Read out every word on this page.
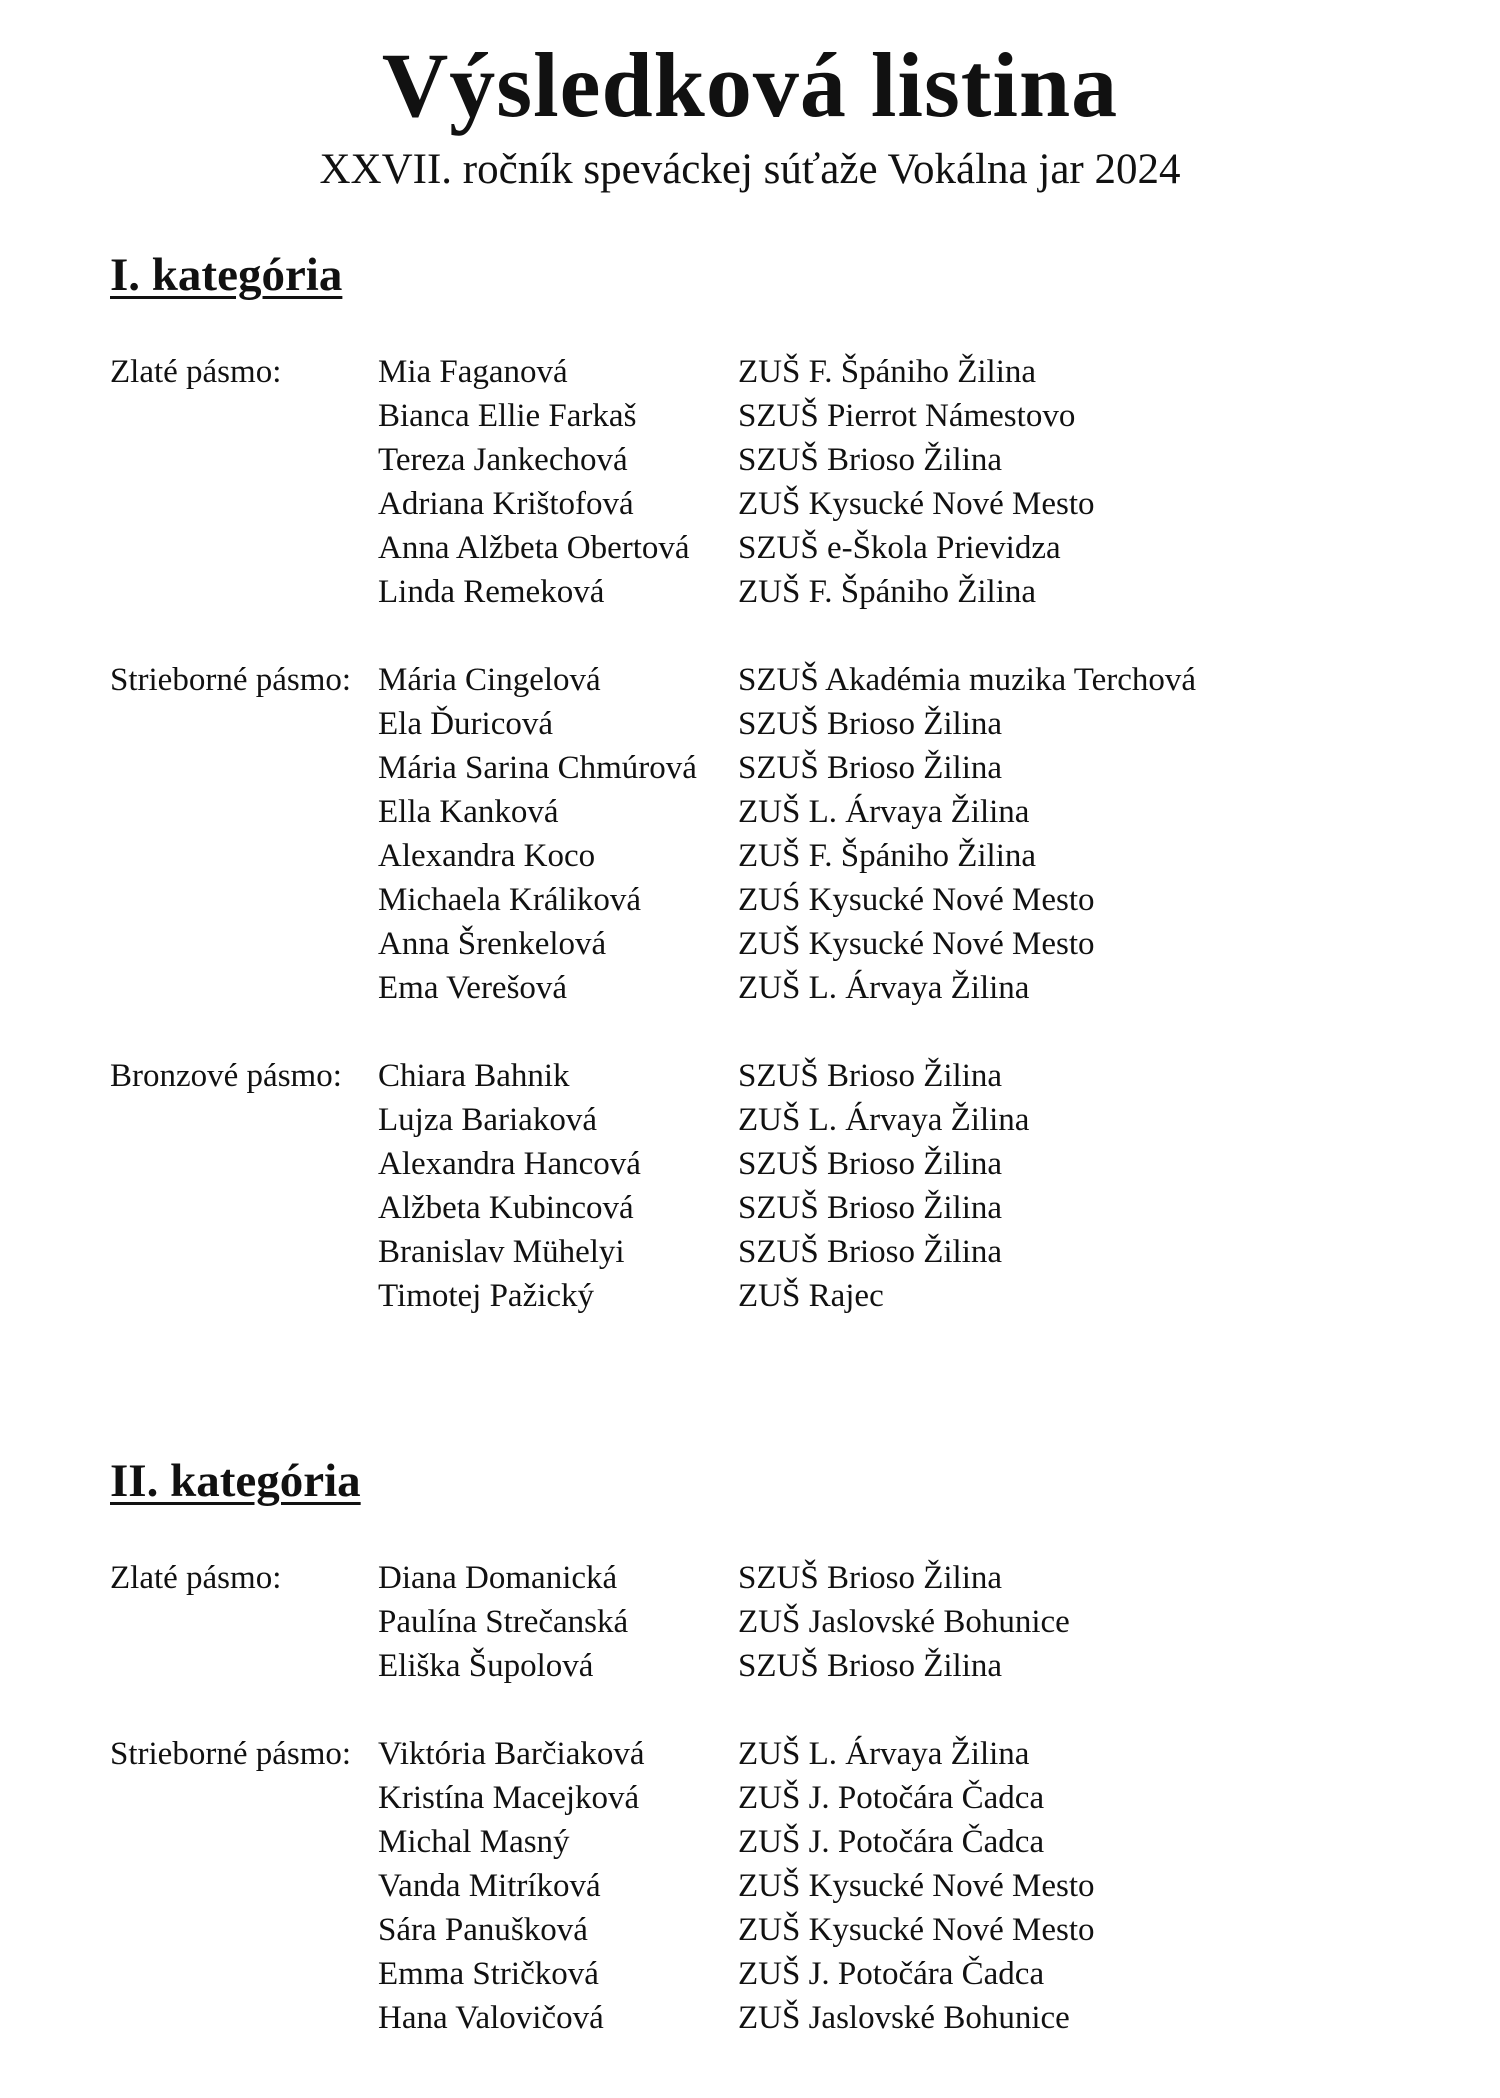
Výsledková listina
XXVII. ročník speváckej súťaže Vokálna jar 2024
I. kategória
Zlaté pásmo:	Mia Faganová	ZUŠ F. Špániho Žilina
Bianca Ellie Farkaš	SZUŠ Pierrot Námestovo
Tereza Jankechová	SZUŠ Brioso Žilina
Adriana Krištofová	ZUŠ Kysucké Nové Mesto
Anna Alžbeta Obertová	SZUŠ e-Škola Prievidza
Linda Remeková	ZUŠ F. Špániho Žilina
Strieborné pásmo: Mária Cingelová	SZUŠ Akadémia muzika Terchová
Ela Ďuricová	SZUŠ Brioso Žilina
Mária Sarina Chmúrová	SZUŠ Brioso Žilina
Ella Kanková	ZUŠ L. Árvaya Žilina
Alexandra Koco	ZUŠ F. Špániho Žilina
Michaela Králiková	ZUŚ Kysucké Nové Mesto
Anna Šrenkelová	ZUŠ Kysucké Nové Mesto
Ema Verešová	ZUŠ L. Árvaya Žilina
Bronzové pásmo:	Chiara Bahnik	SZUŠ Brioso Žilina
Lujza Bariaková	ZUŠ L. Árvaya Žilina
Alexandra Hancová	SZUŠ Brioso Žilina
Alžbeta Kubincová	SZUŠ Brioso Žilina
Branislav Mühelyi	SZUŠ Brioso Žilina
Timotej Pažický	ZUŠ Rajec
II. kategória
Zlaté pásmo:	Diana Domanická	SZUŠ Brioso Žilina
Paulína Strečanská	ZUŠ Jaslovské Bohunice
Eliška Šupolová	SZUŠ Brioso Žilina
Strieborné pásmo: Viktória Barčiaková	ZUŠ L. Árvaya Žilina
Kristína Macejková	ZUŠ J. Potočára Čadca
Michal Masný	ZUŠ J. Potočára Čadca
Vanda Mitríková	ZUŠ Kysucké Nové Mesto
Sára Panušková	ZUŠ Kysucké Nové Mesto
Emma Stričková	ZUŠ J. Potočára Čadca
Hana Valovičová	ZUŠ Jaslovské Bohunice
